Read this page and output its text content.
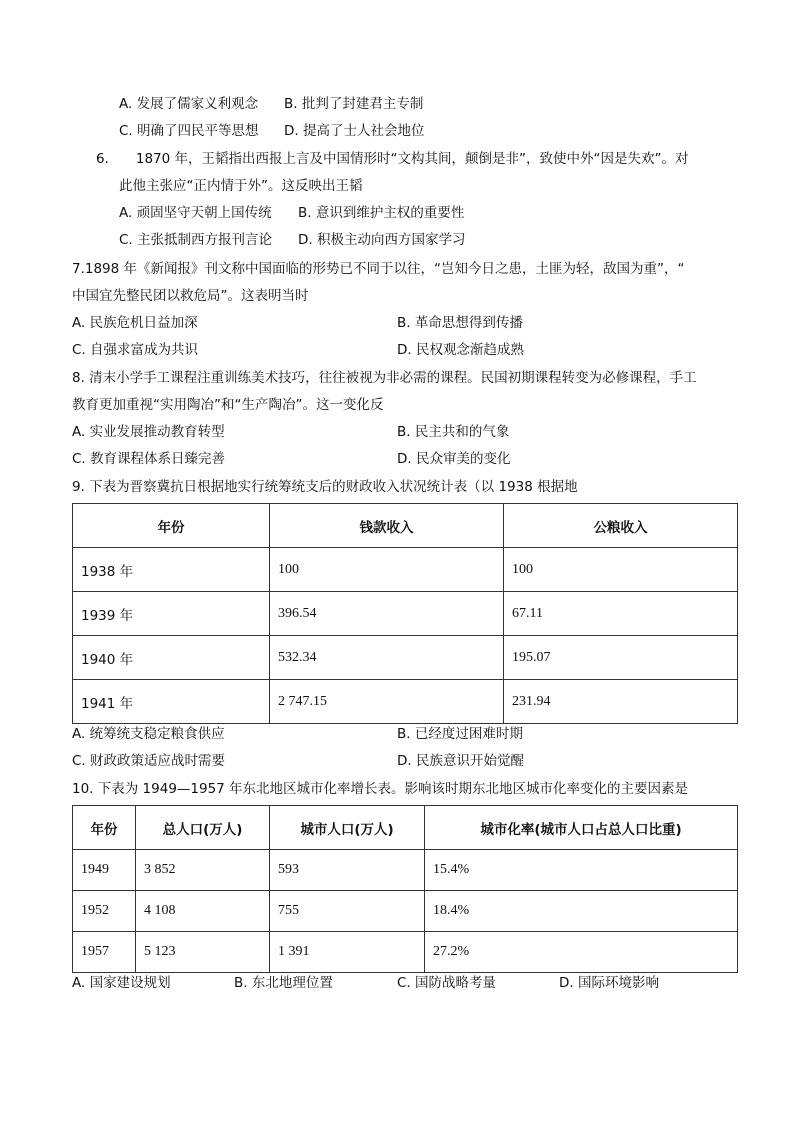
A. 发展了儒家义利观念 B. 批判了封建君主专制
C. 明确了四民平等思想 D. 提高了士人社会地位
6.　　1870 年，王韬指出西报上言及中国情形时“文构其间，颠倒是非”，致使中外“因是失欢”。对
此他主张应“正内情于外”。这反映出王韬
A. 顽固坚守天朝上国传统 B. 意识到维护主权的重要性
C. 主张抵制西方报刊言论 D. 积极主动向西方国家学习
7.1898 年《新闻报》刊文称中国面临的形势已不同于以往，“岂知今日之患，土匪为轻，敌国为重”，“
中国宜先整民团以救危局”。这表明当时
A. 民族危机日益加深	B. 革命思想得到传播
C. 自强求富成为共识	D. 民权观念渐趋成熟
8. 清末小学手工课程注重训练美术技巧，往往被视为非必需的课程。民国初期课程转变为必修课程，手工
教育更加重视“实用陶冶”和“生产陶冶”。这一变化反
A. 实业发展推动教育转型	B. 民主共和的气象
C. 教育课程体系日臻完善	D. 民众审美的变化
9. 下表为晋察冀抗日根据地实行统筹统支后的财政收入状况统计表（以 1938 根据地
年份	钱款收入	公粮收入
1938 年	100	100
1939 年	396.54	67.11
1940 年	532.34	195.07
1941 年	2 747.15	231.94
A. 统筹统支稳定粮食供应	B. 已经度过困难时期
C. 财政政策适应战时需要	D. 民族意识开始觉醒
10. 下表为 1949—1957 年东北地区城市化率增长表。影响该时期东北地区城市化率变化的主要因素是
年份	总人口(万人)	城市人口(万人)	城市化率(城市人口占总人口比重)
1949	3 852	593	15.4%
1952	4 108	755	18.4%
1957	5 123	1 391	27.2%
A. 国家建设规划	B. 东北地理位置	C. 国防战略考量	D. 国际环境影响
